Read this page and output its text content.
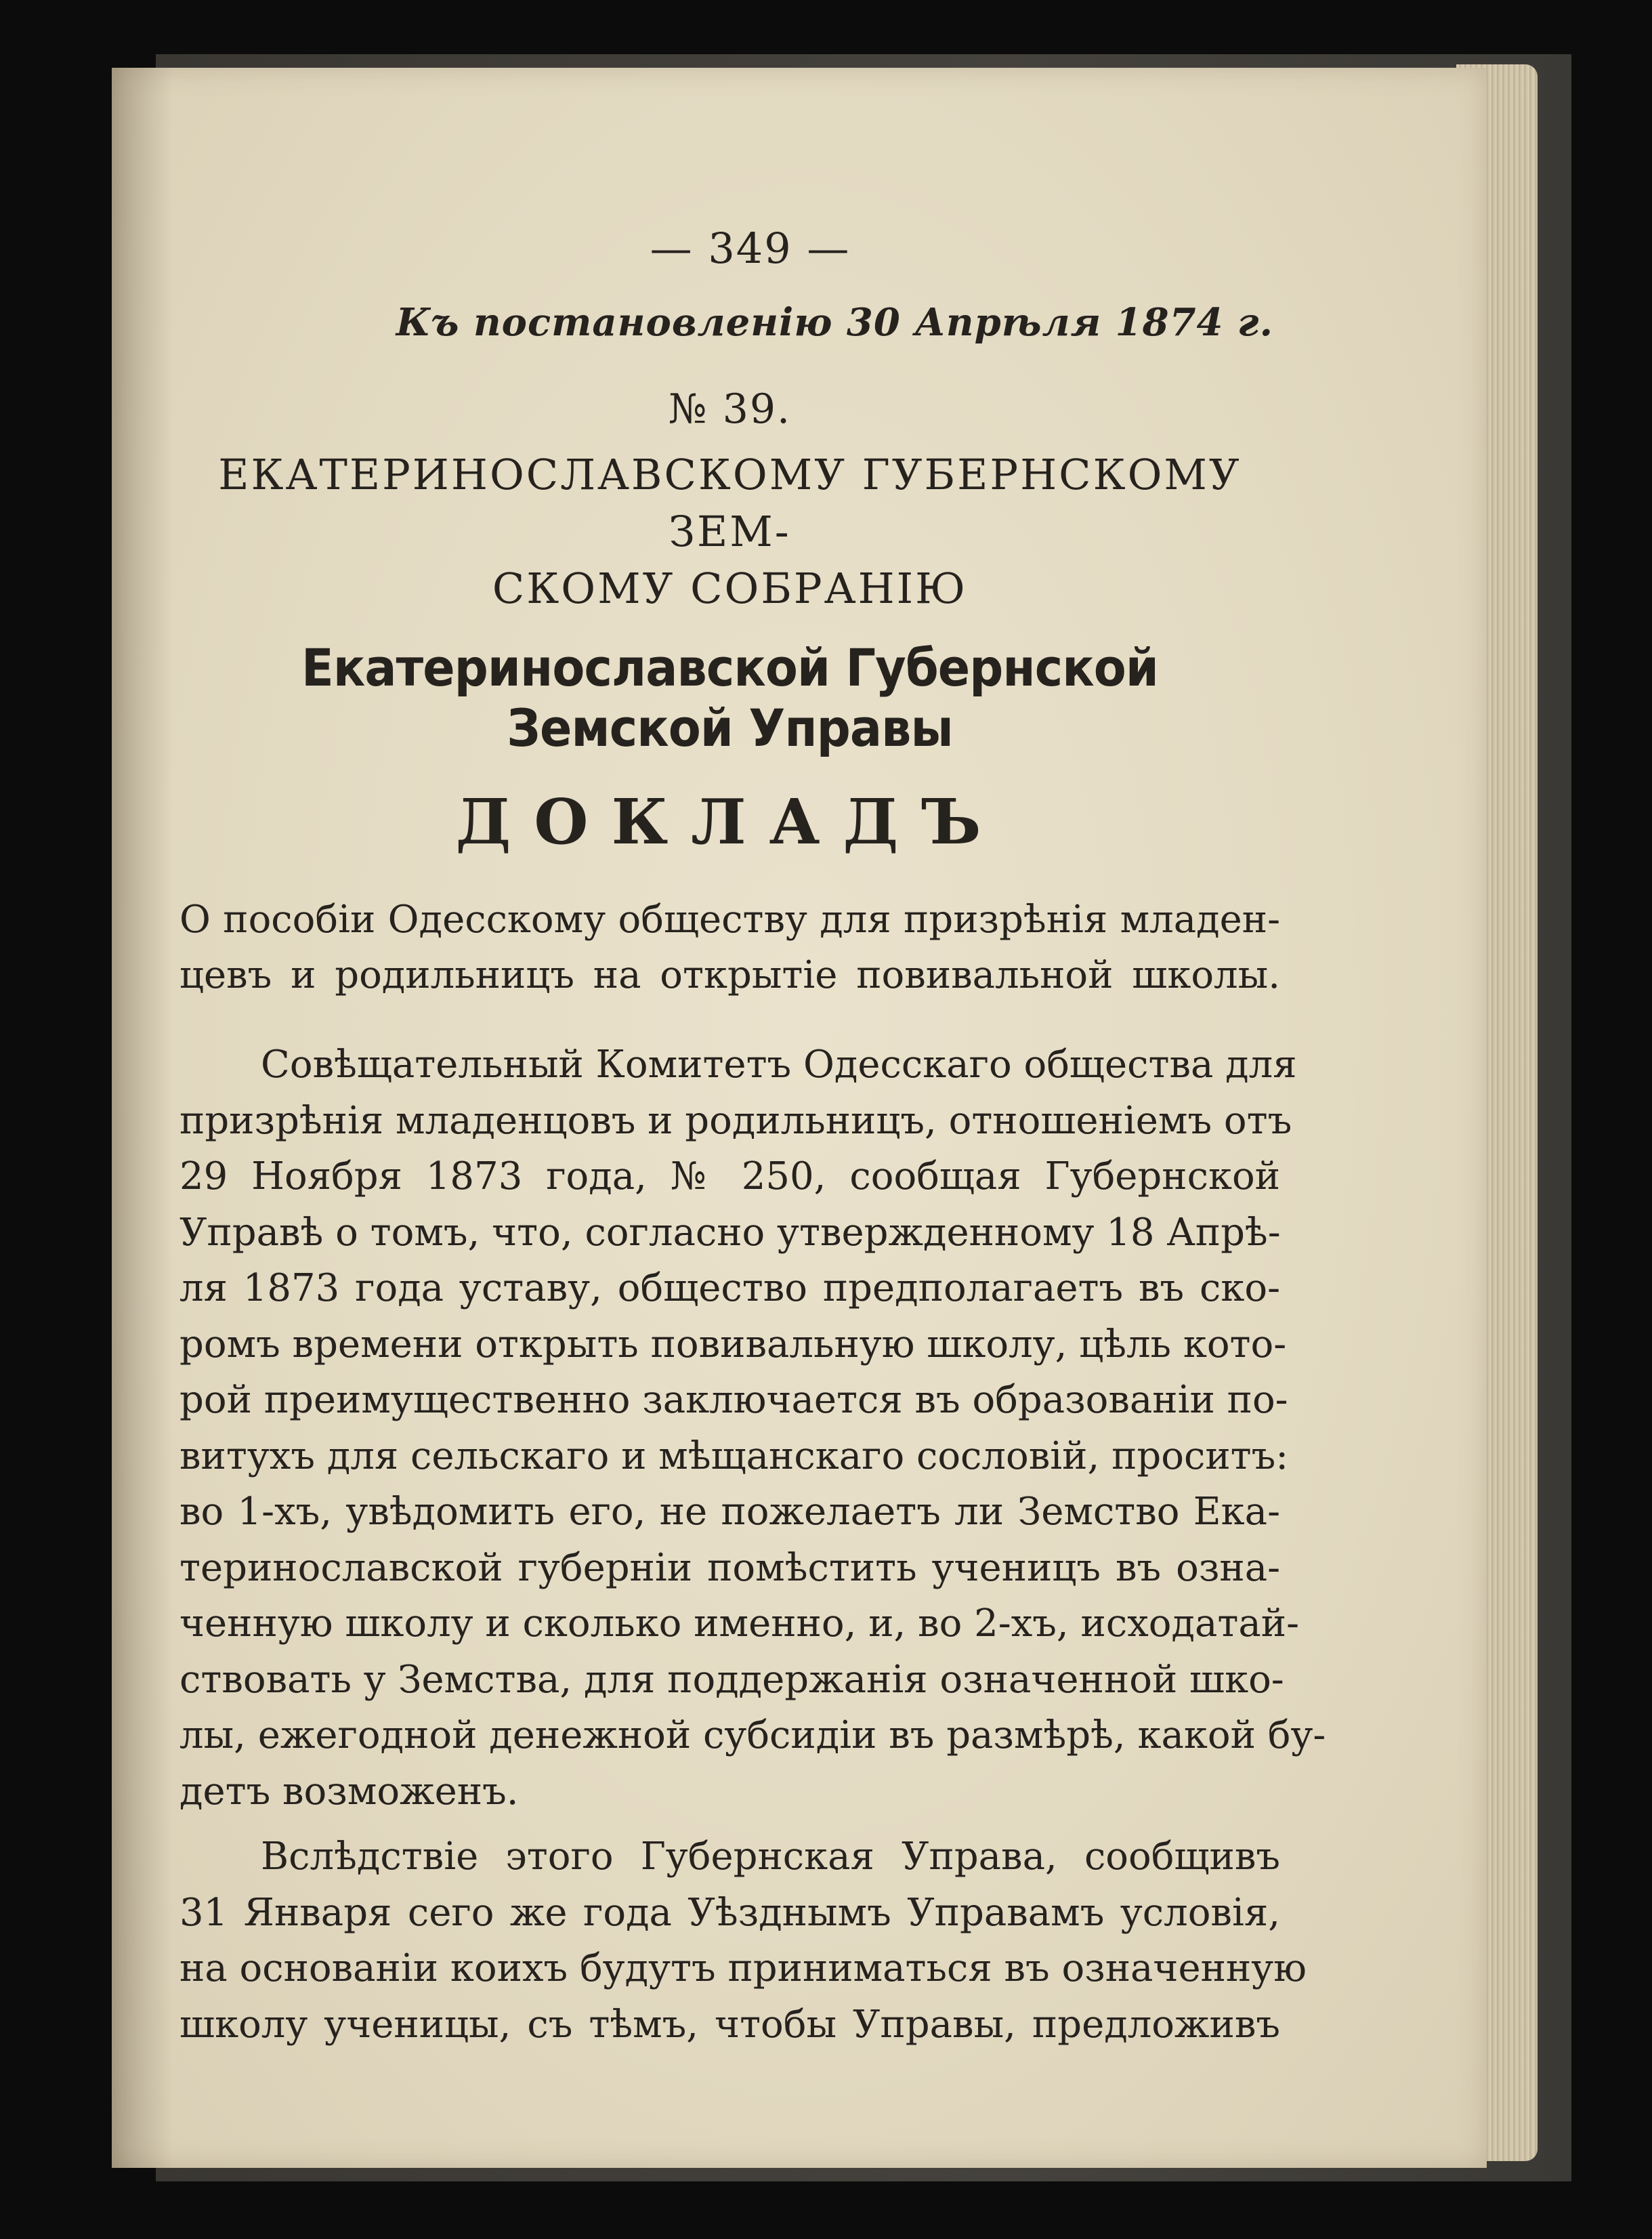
— 349 —
Къ постановленію 30 Апрѣля 1874 г.
№ 39.
ЕКАТЕРИНОСЛАВСКОМУ ГУБЕРНСКОМУ ЗЕМ-
СКОМУ СОБРАНІЮ
Екатеринославской Губернской Земской Управы
ДОКЛАДЪ
О пособіи Одесскому обществу для призрѣнія младен-
цевъ и родильницъ на открытіе повивальной школы.
Совѣщательный Комитетъ Одесскаго общества для
призрѣнія младенцовъ и родильницъ, отношеніемъ отъ
29 Ноября 1873 года, № 250, сообщая Губернской
Управѣ о томъ, что, согласно утвержденному 18 Апрѣ-
ля 1873 года уставу, общество предполагаетъ въ ско-
ромъ времени открыть повивальную школу, цѣль кото-
рой преимущественно заключается въ образованіи по-
витухъ для сельскаго и мѣщанскаго сословій, проситъ:
во 1-хъ, увѣдомить его, не пожелаетъ ли Земство Ека-
теринославской губерніи помѣстить ученицъ въ озна-
ченную школу и сколько именно, и, во 2-хъ, исходатай-
ствовать у Земства, для поддержанія означенной шко-
лы, ежегодной денежной субсидіи въ размѣрѣ, какой бу-
детъ возможенъ.
Вслѣдствіе этого Губернская Управа, сообщивъ
31 Января сего же года Уѣзднымъ Управамъ условія,
на основаніи коихъ будутъ приниматься въ означенную
школу ученицы, съ тѣмъ, чтобы Управы, предложивъ
